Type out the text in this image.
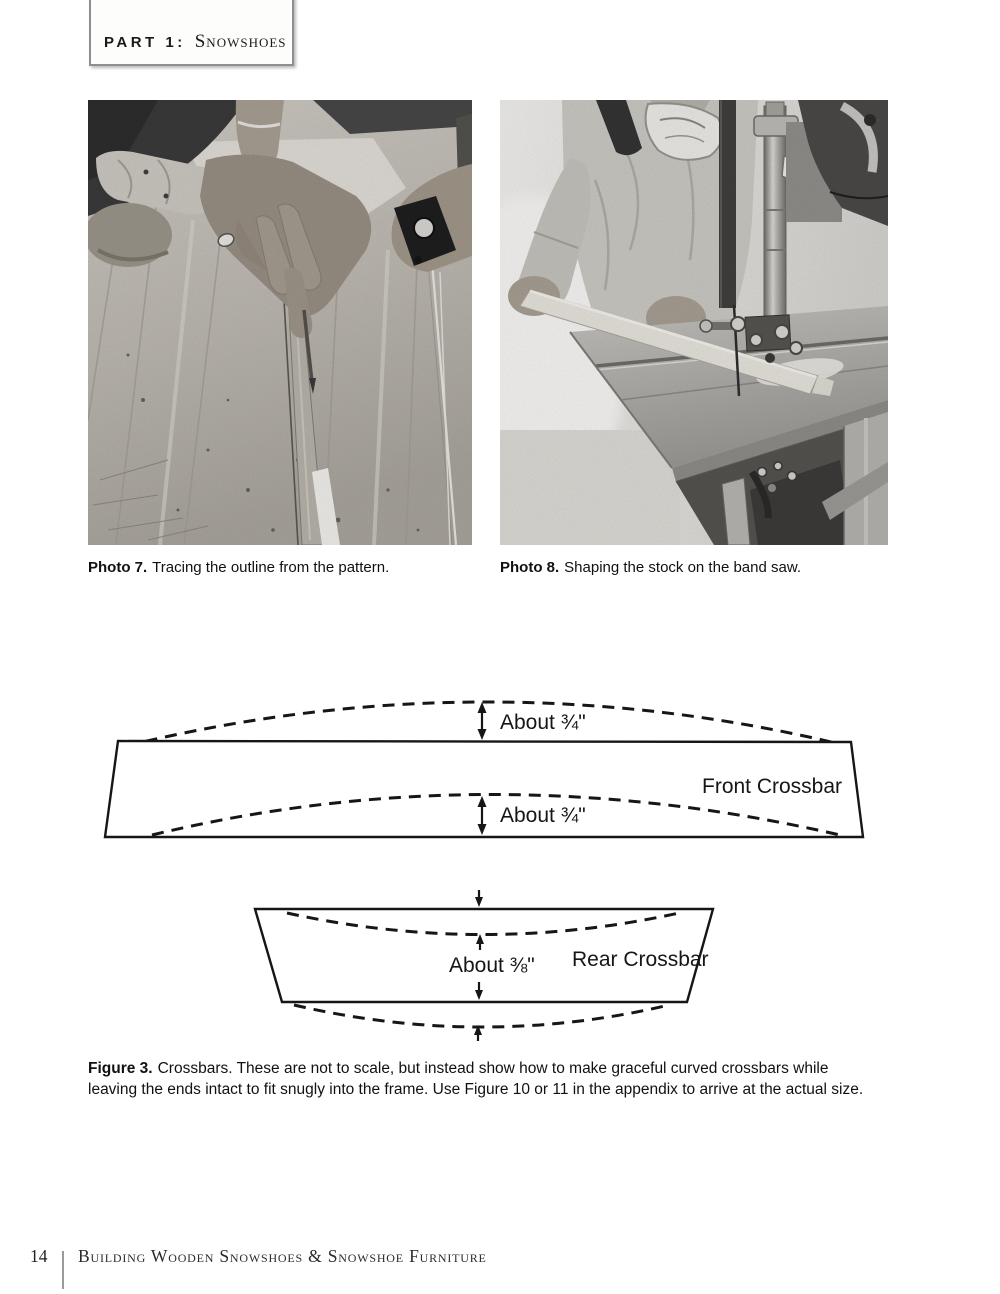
PART 1: Snowshoes
Photo 7. Tracing the outline from the pattern.	Photo 8. Shaping the stock on the band saw.
About ¾"
About ¾"
Front Crossbar
About ⅜" Rear Crossbar
Figure 3. Crossbars. These are not to scale, but instead show how to make graceful curved crossbars while
leaving the ends intact to fit snugly into the frame. Use Figure 10 or 11 in the appendix to arrive at the actual size.
14 Building Wooden Snowshoes & Snowshoe Furniture
